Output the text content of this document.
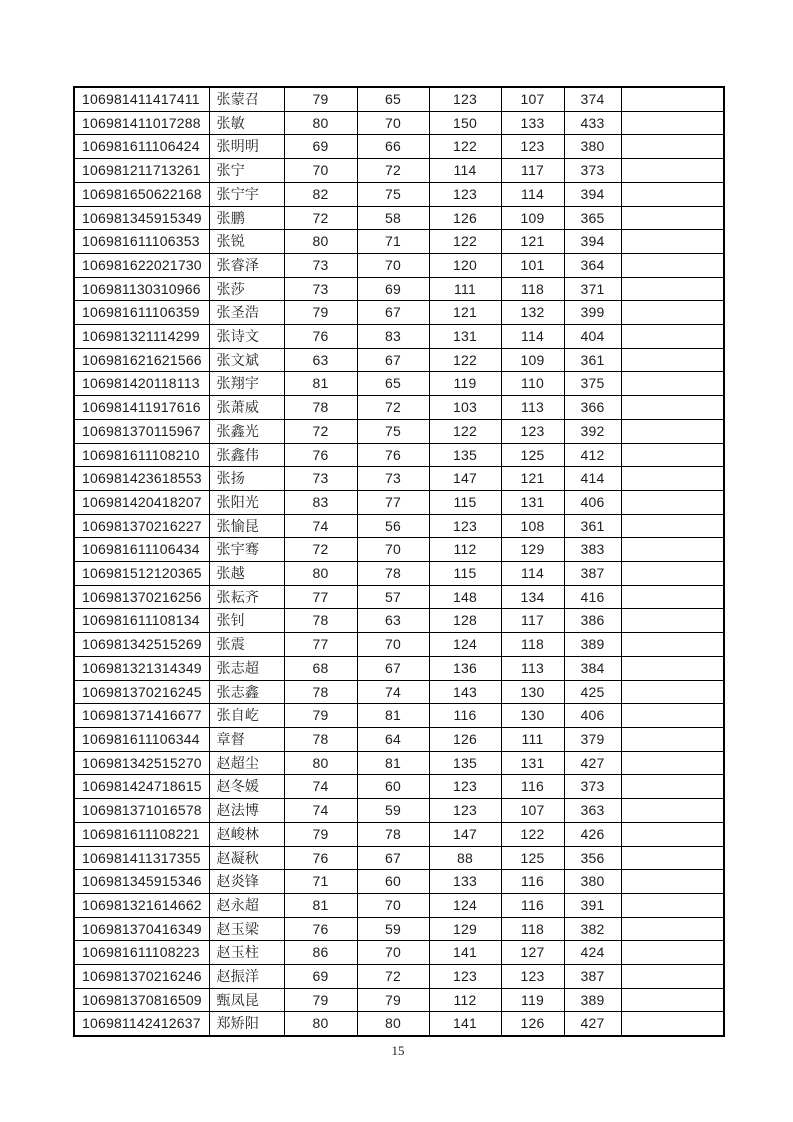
106981411417411	张蒙召	79	65	123	107	374	
106981411017288	张敏	80	70	150	133	433	
106981611106424	张明明	69	66	122	123	380	
106981211713261	张宁	70	72	114	117	373	
106981650622168	张宁宇	82	75	123	114	394	
106981345915349	张鹏	72	58	126	109	365	
106981611106353	张锐	80	71	122	121	394	
106981622021730	张睿泽	73	70	120	101	364	
106981130310966	张莎	73	69	111	118	371	
106981611106359	张圣浩	79	67	121	132	399	
106981321114299	张诗文	76	83	131	114	404	
106981621621566	张文斌	63	67	122	109	361	
106981420118113	张翔宇	81	65	119	110	375	
106981411917616	张萧威	78	72	103	113	366	
106981370115967	张鑫光	72	75	122	123	392	
106981611108210	张鑫伟	76	76	135	125	412	
106981423618553	张扬	73	73	147	121	414	
106981420418207	张阳光	83	77	115	131	406	
106981370216227	张愉昆	74	56	123	108	361	
106981611106434	张宇骞	72	70	112	129	383	
106981512120365	张越	80	78	115	114	387	
106981370216256	张耘齐	77	57	148	134	416	
106981611108134	张钊	78	63	128	117	386	
106981342515269	张震	77	70	124	118	389	
106981321314349	张志超	68	67	136	113	384	
106981370216245	张志鑫	78	74	143	130	425	
106981371416677	张自屹	79	81	116	130	406	
106981611106344	章督	78	64	126	111	379	
106981342515270	赵超尘	80	81	135	131	427	
106981424718615	赵冬媛	74	60	123	116	373	
106981371016578	赵法博	74	59	123	107	363	
106981611108221	赵峻林	79	78	147	122	426	
106981411317355	赵凝秋	76	67	88	125	356	
106981345915346	赵炎锋	71	60	133	116	380	
106981321614662	赵永超	81	70	124	116	391	
106981370416349	赵玉梁	76	59	129	118	382	
106981611108223	赵玉柱	86	70	141	127	424	
106981370216246	赵振洋	69	72	123	123	387	
106981370816509	甄凤昆	79	79	112	119	389	
106981142412637	郑矫阳	80	80	141	126	427	
15
